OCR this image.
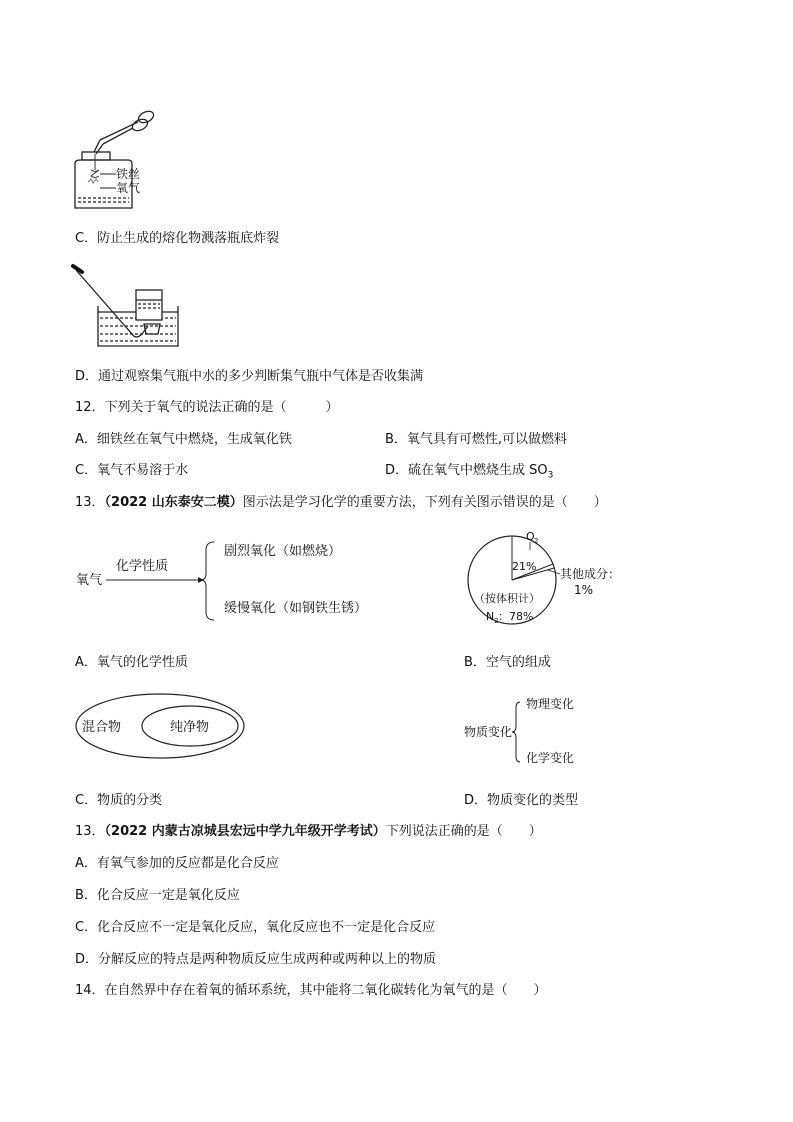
铁丝
氧气
C．防止生成的熔化物溅落瓶底炸裂
D．通过观察集气瓶中水的多少判断集气瓶中气体是否收集满
12．下列关于氧气的说法正确的是（　　　）
A．细铁丝在氧气中燃烧，生成氧化铁	B．氧气具有可燃性,可以做燃料
C．氧气不易溶于水	D．硫在氧气中燃烧生成 $SO_3$
13．（2022 山东泰安二模）图示法是学习化学的重要方法，下列有关图示错误的是（　　）
氧气
化学性质
剧烈氧化（如燃烧）
缓慢氧化（如钢铁生锈）
O 2
21%
其他成分：
1%
（按体积计）
N 2 ：78%
A．氧气的化学性质	B．空气的组成
混合物	纯净物	物质变化
物理变化
化学变化
C．物质的分类	D．物质变化的类型
13．（2022 内蒙古凉城县宏远中学九年级开学考试）下列说法正确的是（　　）
A．有氧气参加的反应都是化合反应
B．化合反应一定是氧化反应
C．化合反应不一定是氧化反应，氧化反应也不一定是化合反应
D．分解反应的特点是两种物质反应生成两种或两种以上的物质
14．在自然界中存在着氧的循环系统，其中能将二氧化碳转化为氧气的是（　　）
